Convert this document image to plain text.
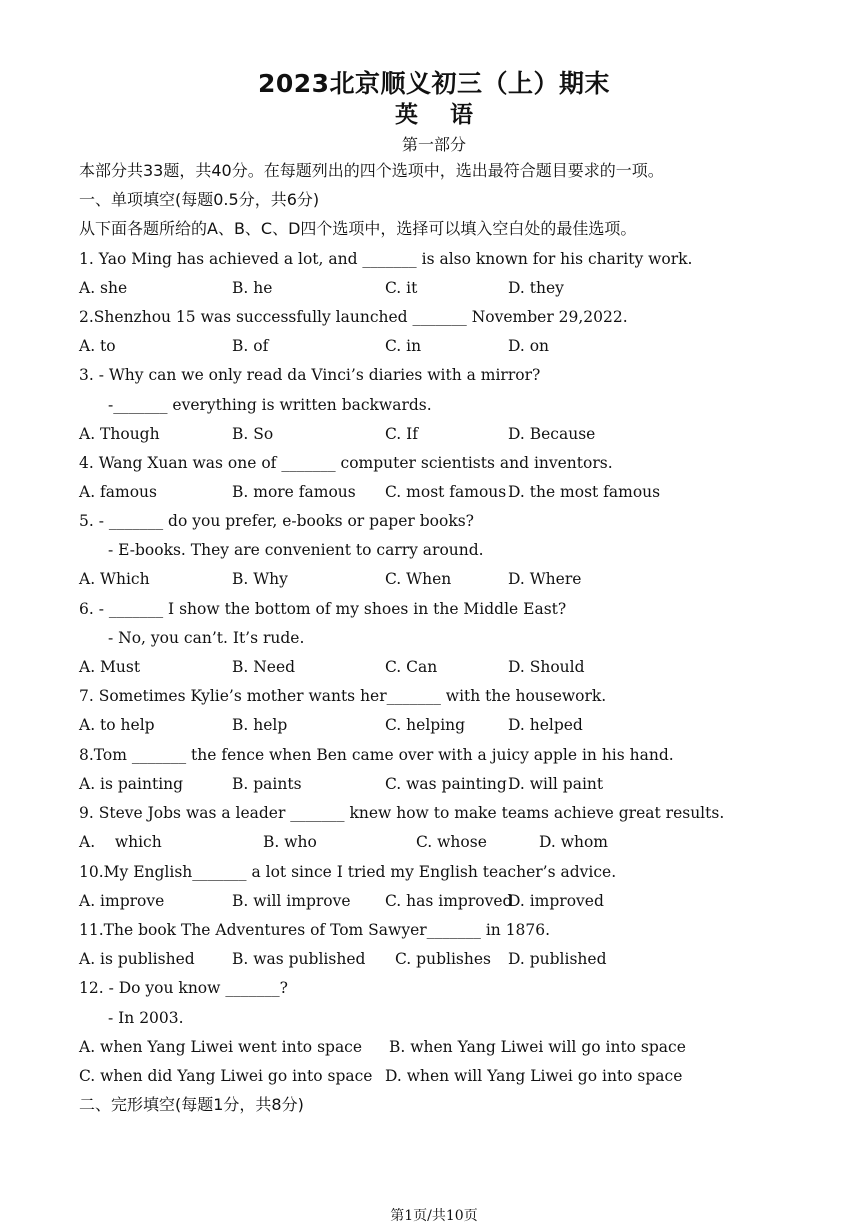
2023北京顺义初三（上）期末
英语
第一部分
本部分共33题，共40分。在每题列出的四个选项中，选出最符合题目要求的一项。
一、单项填空(每题0.5分，共6分)
从下面各题所给的A、B、C、D四个选项中，选择可以填入空白处的最佳选项。
1. Yao Ming has achieved a lot, and _______ is also known for his charity work.
A. she	B. he	C. it	D. they
2.Shenzhou 15 was successfully launched _______ November 29,2022.
A. to	B. of	C. in	D. on
3. - Why can we only read da Vinci’s diaries with a mirror?
-_______ everything is written backwards.
A. Though	B. So	C. If	D. Because
4. Wang Xuan was one of _______ computer scientists and inventors.
A. famous	B. more famous C. most famous D. the most famous
5. - _______ do you prefer, e-books or paper books?
- E-books. They are convenient to carry around.
A. Which	B. Why	C. When	D. Where
6. - _______ I show the bottom of my shoes in the Middle East?
- No, you can’t. It’s rude.
A. Must	B. Need	C. Can	D. Should
7. Sometimes Kylie’s mother wants her_______ with the housework.
A. to help	B. help	C. helping	D. helped
8.Tom _______ the fence when Ben came over with a juicy apple in his hand.
A. is painting	B. paints	C. was painting D. will paint
9. Steve Jobs was a leader _______ knew how to make teams achieve great results.
A.    which	B. who	C. whose	D. whom
10.My English_______ a lot since I tried my English teacher’s advice.
A. improve	B. will improve C. has improved
D. improved
11.The book The Adventures of Tom Sawyer_______ in 1876.
A. is published B. was published C. publishes D. published
12. - Do you know _______?
- In 2003.
A. when Yang Liwei went into space B. when Yang Liwei will go into space
C. when did Yang Liwei go into space D. when will Yang Liwei go into space
二、完形填空(每题1分，共8分)
第1页/共10页
